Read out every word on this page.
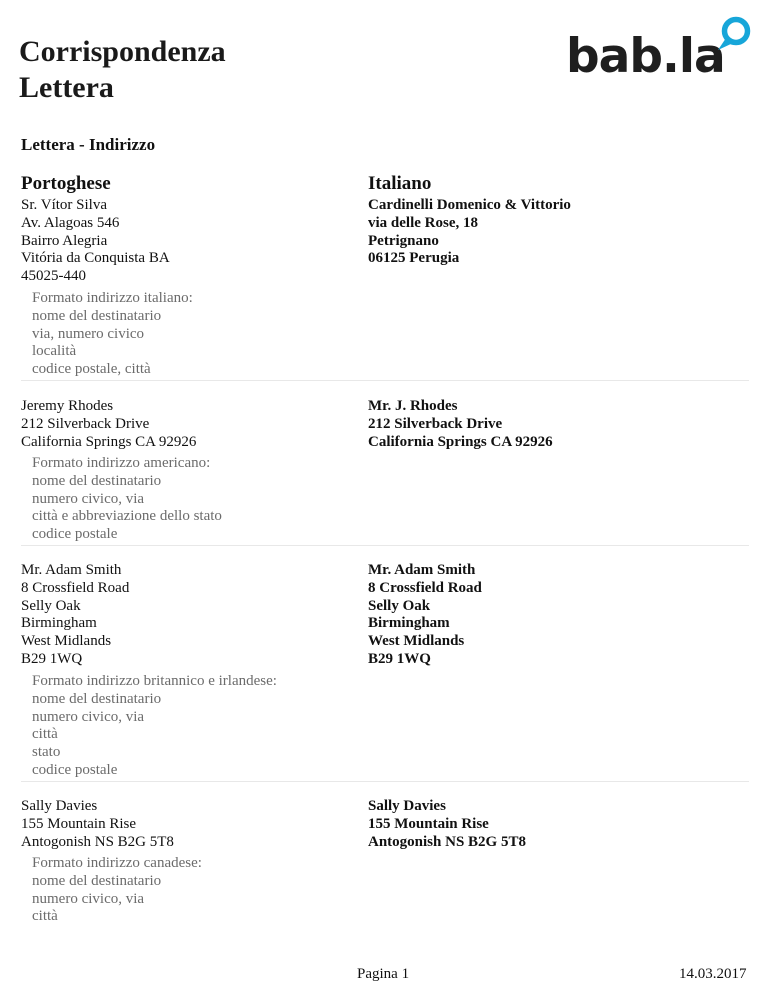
Corrispondenza
Lettera
bab.la
Lettera - Indirizzo
Portoghese	Italiano
Sr. Vítor Silva
Av. Alagoas 546
Bairro Alegria
Vitória da Conquista BA
45025-440
Cardinelli Domenico & Vittorio
via delle Rose, 18
Petrignano
06125 Perugia
Formato indirizzo italiano:
nome del destinatario
via, numero civico
località
codice postale, città
Jeremy Rhodes
212 Silverback Drive
California Springs CA 92926
Mr. J. Rhodes
212 Silverback Drive
California Springs CA 92926
Formato indirizzo americano:
nome del destinatario
numero civico, via
città e abbreviazione dello stato
codice postale
Mr. Adam Smith
8 Crossfield Road
Selly Oak
Birmingham
West Midlands
B29 1WQ
Mr. Adam Smith
8 Crossfield Road
Selly Oak
Birmingham
West Midlands
B29 1WQ
Formato indirizzo britannico e irlandese:
nome del destinatario
numero civico, via
città
stato
codice postale
Sally Davies
155 Mountain Rise
Antogonish NS B2G 5T8
Sally Davies
155 Mountain Rise
Antogonish NS B2G 5T8
Formato indirizzo canadese:
nome del destinatario
numero civico, via
città
Pagina 1	14.03.2017
